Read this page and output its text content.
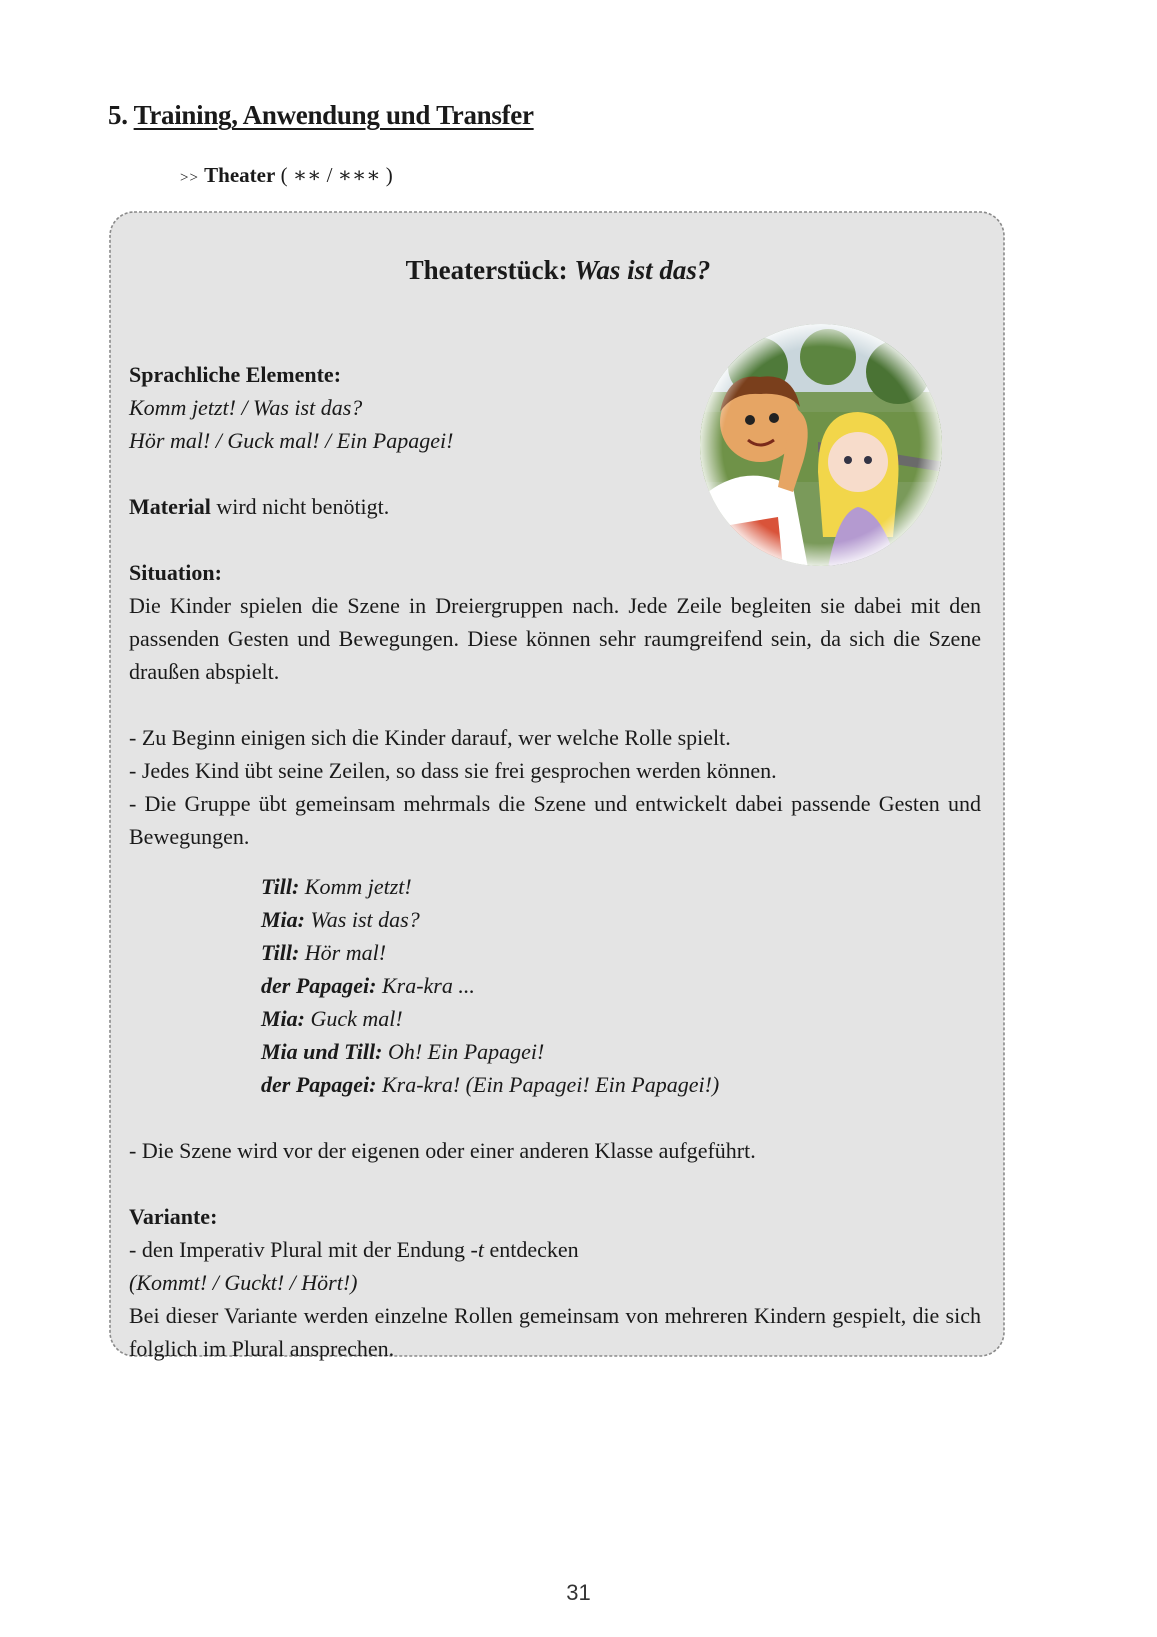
5. Training, Anwendung und Transfer
>> Theater ( ∗∗ / ∗∗∗ )
Theaterstück: Was ist das?

Sprachliche Elemente:

Komm jetzt! / Was ist das?

Hör mal! / Guck mal! / Ein Papagei!

Material wird nicht benötigt.

Situation:

Die Kinder spielen die Szene in Dreiergruppen nach. Jede Zeile begleiten sie dabei mit den passenden Gesten und Bewegungen. Diese können sehr raumgreifend sein, da sich die Szene draußen abspielt.

- Zu Beginn einigen sich die Kinder darauf, wer welche Rolle spielt.

- Jedes Kind übt seine Zeilen, so dass sie frei gesprochen werden können.

- Die Gruppe übt gemeinsam mehrmals die Szene und entwickelt dabei passende Gesten und Bewegungen.

Till: Komm jetzt!

Mia: Was ist das?

Till: Hör mal!

der Papagei: Kra-kra ...

Mia: Guck mal!

Mia und Till: Oh! Ein Papagei!

der Papagei: Kra-kra! (Ein Papagei! Ein Papagei!)

- Die Szene wird vor der eigenen oder einer anderen Klasse aufgeführt.

Variante:

- den Imperativ Plural mit der Endung -t entdecken

(Kommt! / Guckt! / Hört!)

Bei dieser Variante werden einzelne Rollen gemeinsam von mehreren Kindern gespielt, die sich folglich im Plural ansprechen.

31
